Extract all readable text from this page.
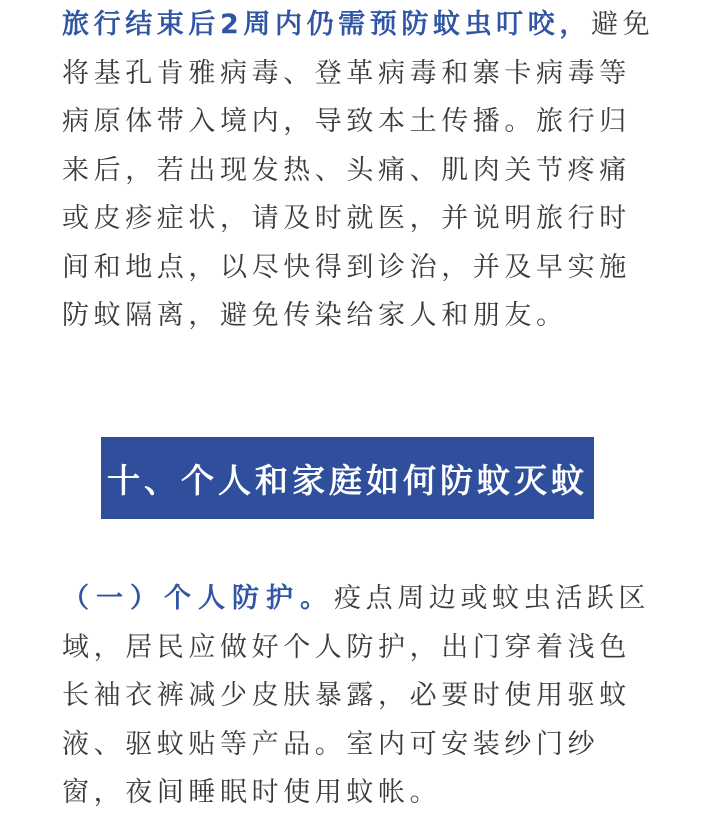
旅行结束后2周内仍需预防蚊虫叮咬，避免将基孔肯雅病毒、登革病毒和寨卡病毒等病原体带入境内，导致本土传播。旅行归来后，若出现发热、头痛、肌肉关节疼痛或皮疹症状，请及时就医，并说明旅行时间和地点，以尽快得到诊治，并及早实施防蚊隔离，避免传染给家人和朋友。

十、个人和家庭如何防蚊灭蚊

（一）个人防护。疫点周边或蚊虫活跃区域，居民应做好个人防护，出门穿着浅色长袖衣裤减少皮肤暴露，必要时使用驱蚊液、驱蚊贴等产品。室内可安装纱门纱窗，夜间睡眠时使用蚊帐。
